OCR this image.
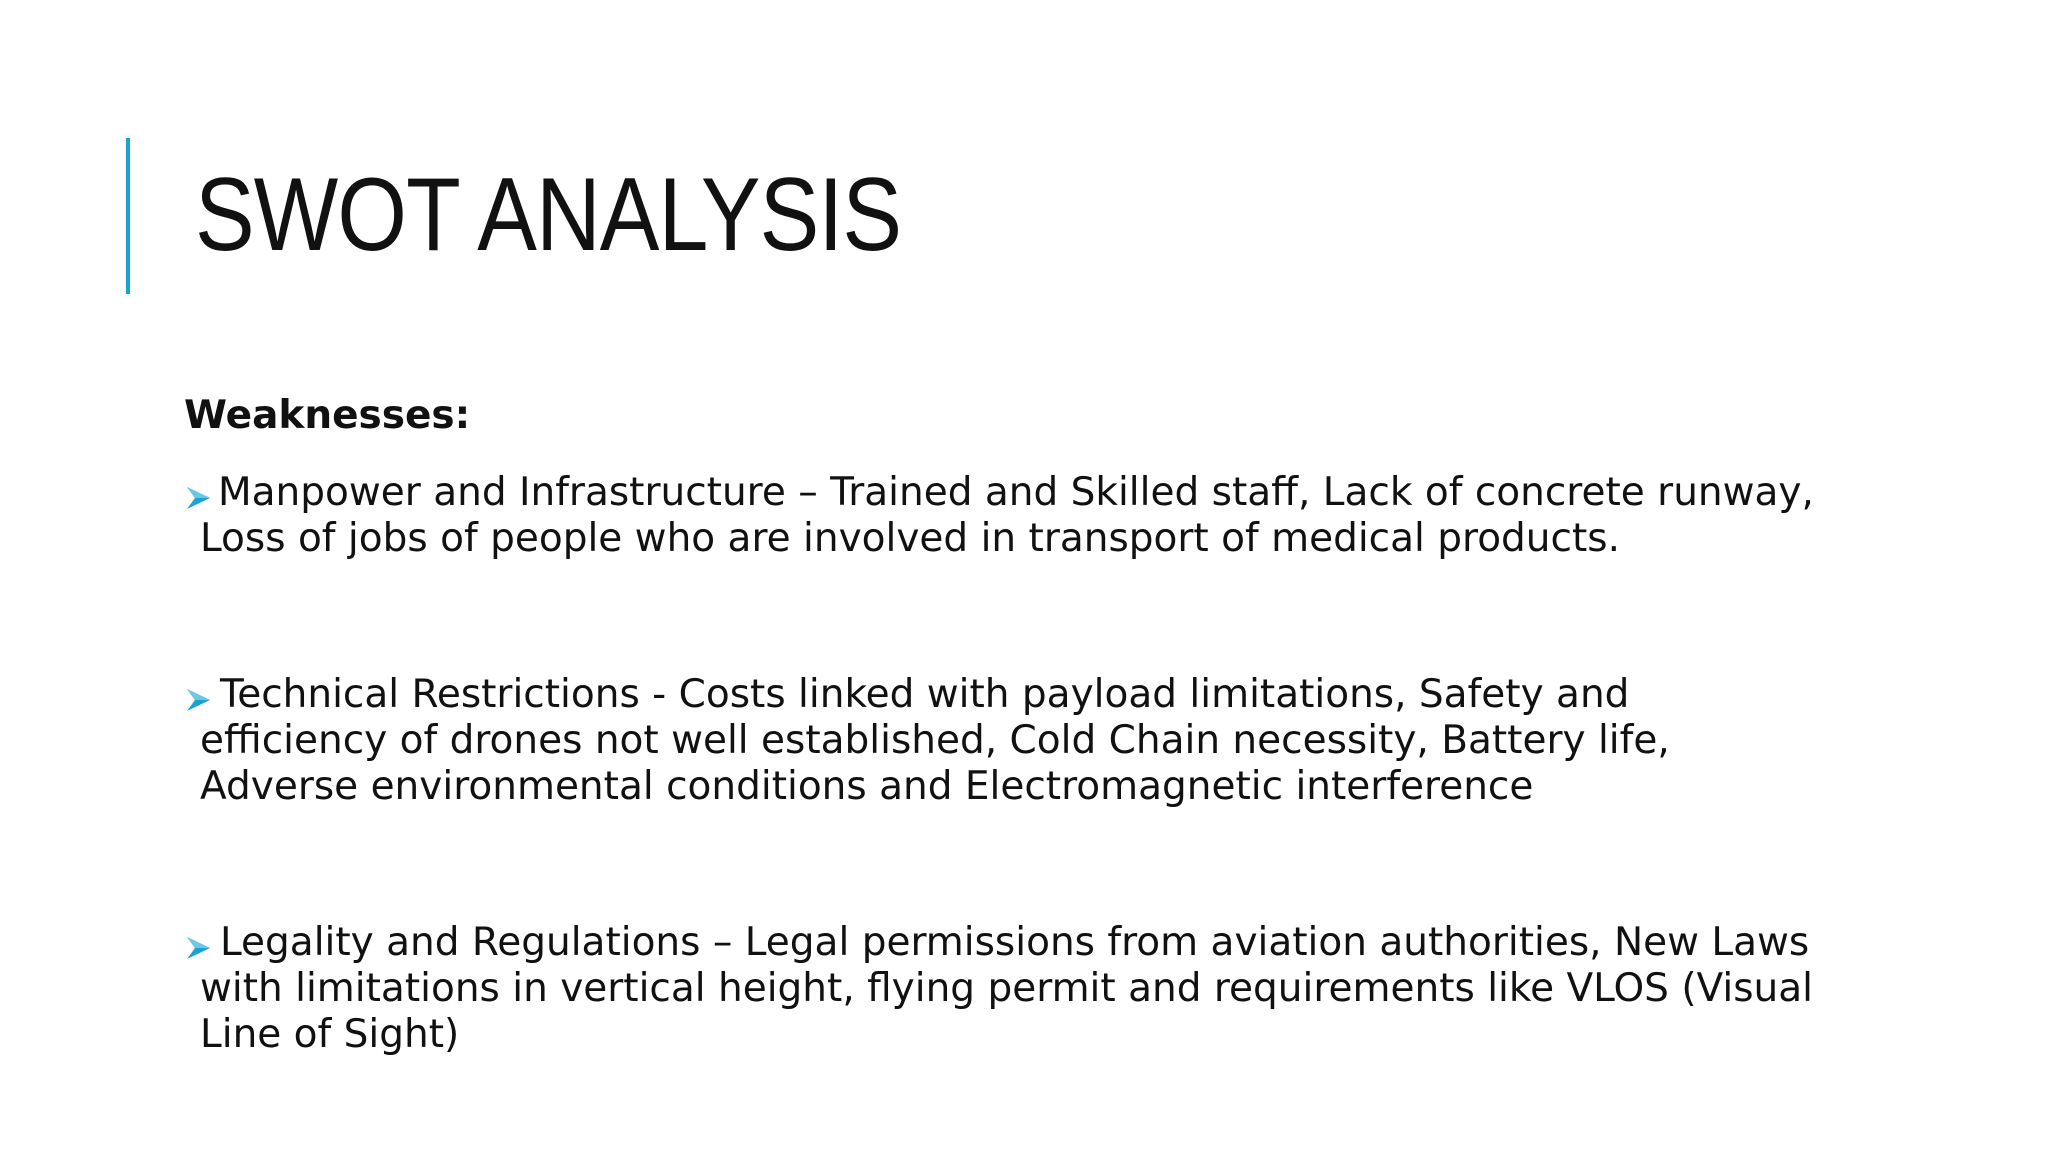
SWOT ANALYSIS
Weaknesses:
Manpower and Infrastructure – Trained and Skilled staff, Lack of concrete runway, Loss of jobs of people who are involved in transport of medical products.
Technical Restrictions - Costs linked with payload limitations, Safety and efficiency of drones not well established, Cold Chain necessity, Battery life, Adverse environmental conditions and Electromagnetic interference
Legality and Regulations – Legal permissions from aviation authorities, New Laws with limitations in vertical height, flying permit and requirements like VLOS (Visual Line of Sight)
